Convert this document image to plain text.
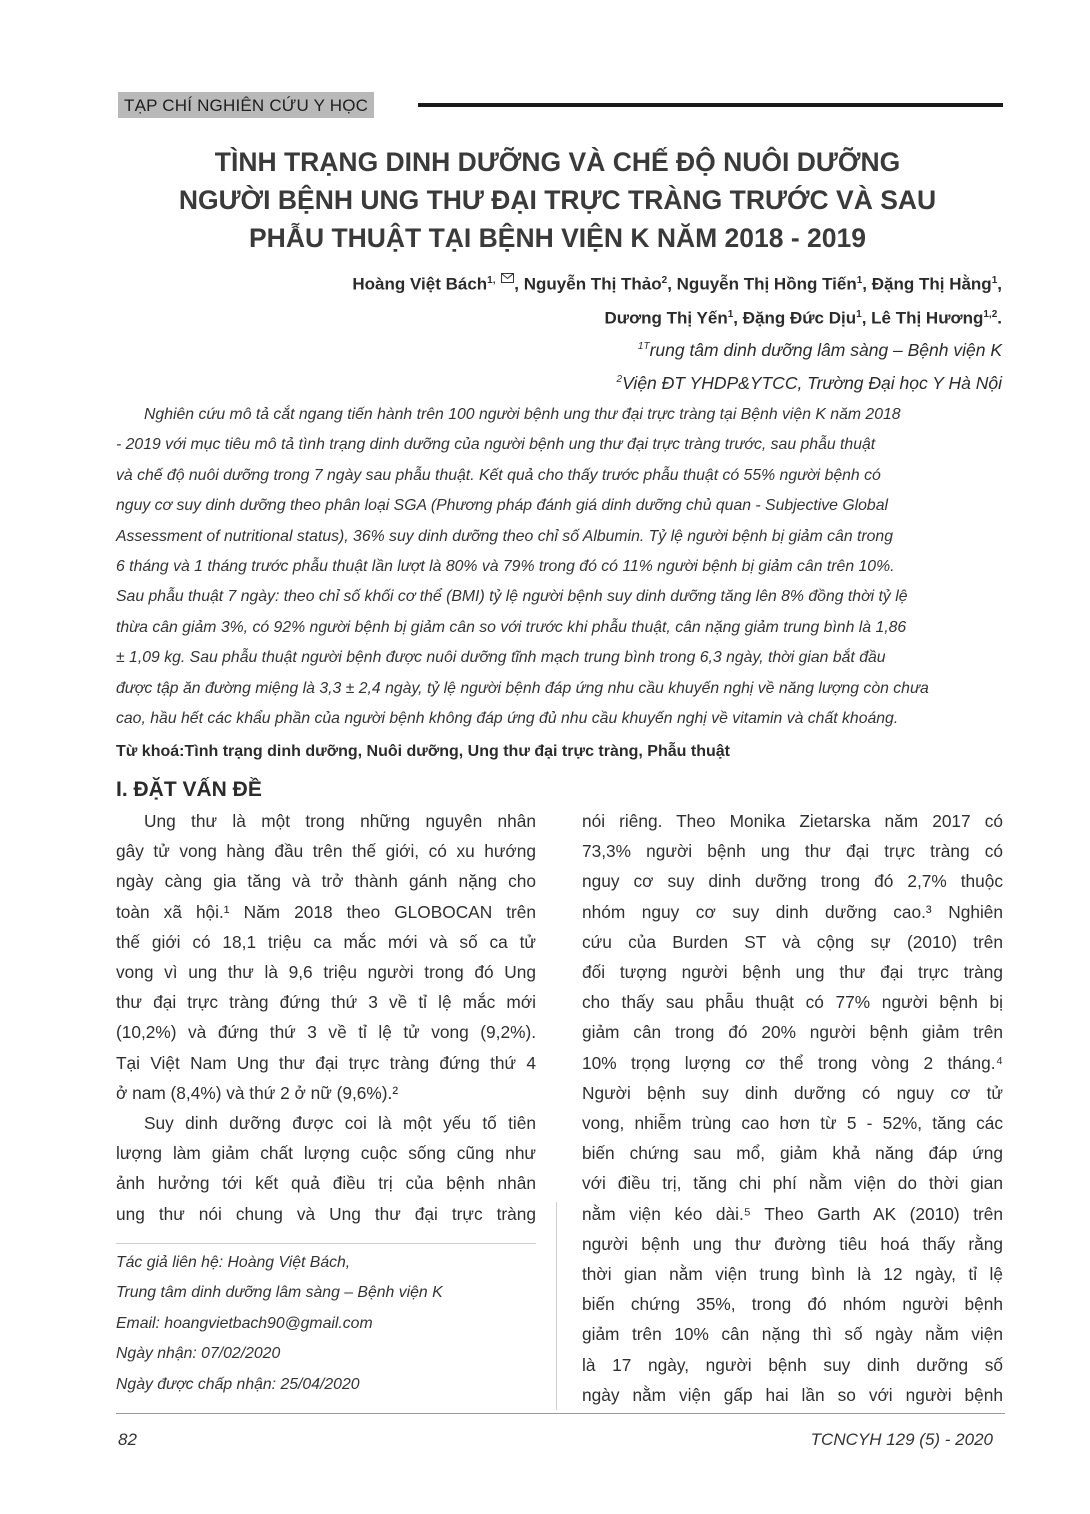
TẠP CHÍ NGHIÊN CỨU Y HỌC
TÌNH TRẠNG DINH DƯỠNG VÀ CHẾ ĐỘ NUÔI DƯỠNG
NGƯỜI BỆNH UNG THƯ ĐẠI TRỰC TRÀNG TRƯỚC VÀ SAU
PHẪU THUẬT TẠI BỆNH VIỆN K NĂM 2018 - 2019
Hoàng Việt Bách$^{1,}$
, Nguyễn Thị Thảo$^2$, Nguyễn Thị Hồng Tiến$^1$, Đặng Thị Hằng$^1$,
Dương Thị Yến$^1$, Đặng Đức Dịu$^1$, Lê Thị Hương$^{1,2}$.
$^{1T}$rung tâm dinh dưỡng lâm sàng – Bệnh viện K
$^2$Viện ĐT YHDP&YTCC, Trường Đại học Y Hà Nội
Nghiên cứu mô tả cắt ngang tiến hành trên 100 người bệnh ung thư đại trực tràng tại Bệnh viện K năm 2018
- 2019 với mục tiêu mô tả tình trạng dinh dưỡng của người bệnh ung thư đại trực tràng trước, sau phẫu thuật
và chế độ nuôi dưỡng trong 7 ngày sau phẫu thuật. Kết quả cho thấy trước phẫu thuật có 55% người bệnh có
nguy cơ suy dinh dưỡng theo phân loại SGA (Phương pháp đánh giá dinh dưỡng chủ quan - Subjective Global
Assessment of nutritional status), 36% suy dinh dưỡng theo chỉ số Albumin. Tỷ lệ người bệnh bị giảm cân trong
6 tháng và 1 tháng trước phẫu thuật lần lượt là 80% và 79% trong đó có 11% người bệnh bị giảm cân trên 10%.
Sau phẫu thuật 7 ngày: theo chỉ số khối cơ thể (BMI) tỷ lệ người bệnh suy dinh dưỡng tăng lên 8% đồng thời tỷ lệ
thừa cân giảm 3%, có 92% người bệnh bị giảm cân so với trước khi phẫu thuật, cân nặng giảm trung bình là 1,86
± 1,09 kg. Sau phẫu thuật người bệnh được nuôi dưỡng tĩnh mạch trung bình trong 6,3 ngày, thời gian bắt đầu
được tập ăn đường miệng là 3,3 ± 2,4 ngày, tỷ lệ người bệnh đáp ứng nhu cầu khuyến nghị về năng lượng còn chưa
cao, hầu hết các khẩu phần của người bệnh không đáp ứng đủ nhu cầu khuyến nghị về vitamin và chất khoáng.
Từ khoá:Tình trạng dinh dưỡng, Nuôi dưỡng, Ung thư đại trực tràng, Phẫu thuật
I. ĐẶT VẤN ĐỀ

Ung thư là một trong những nguyên nhân
gây tử vong hàng đầu trên thế giới, có xu hướng
ngày càng gia tăng và trở thành gánh nặng cho
toàn xã hội.¹ Năm 2018 theo GLOBOCAN trên
thế giới có 18,1 triệu ca mắc mới và số ca tử
vong vì ung thư là 9,6 triệu người trong đó Ung
thư đại trực tràng đứng thứ 3 về tỉ lệ mắc mới
(10,2%) và đứng thứ 3 về tỉ lệ tử vong (9,2%).
Tại Việt Nam Ung thư đại trực tràng đứng thứ 4
ở nam (8,4%) và thứ 2 ở nữ (9,6%).²

Suy dinh dưỡng được coi là một yếu tố tiên
lượng làm giảm chất lượng cuộc sống cũng như
ảnh hưởng tới kết quả điều trị của bệnh nhân
ung thư nói chung và Ung thư đại trực tràng

Tác giả liên hệ: Hoàng Việt Bách,
Trung tâm dinh dưỡng lâm sàng – Bệnh viện K
Email: hoangvietbach90@gmail.com
Ngày nhận: 07/02/2020
Ngày được chấp nhận: 25/04/2020

nói riêng. Theo Monika Zietarska năm 2017 có
73,3% người bệnh ung thư đại trực tràng có
nguy cơ suy dinh dưỡng trong đó 2,7% thuộc
nhóm nguy cơ suy dinh dưỡng cao.³ Nghiên
cứu của Burden ST và cộng sự (2010) trên
đối tượng người bệnh ung thư đại trực tràng
cho thấy sau phẫu thuật có 77% người bệnh bị
giảm cân trong đó 20% người bệnh giảm trên
10% trọng lượng cơ thể trong vòng 2 tháng.⁴
Người bệnh suy dinh dưỡng có nguy cơ tử
vong, nhiễm trùng cao hơn từ 5 - 52%, tăng các
biến chứng sau mổ, giảm khả năng đáp ứng
với điều trị, tăng chi phí nằm viện do thời gian
nằm viện kéo dài.⁵ Theo Garth AK (2010) trên
người bệnh ung thư đường tiêu hoá thấy rằng
thời gian nằm viện trung bình là 12 ngày, tỉ lệ
biến chứng 35%, trong đó nhóm người bệnh
giảm trên 10% cân nặng thì số ngày nằm viện
là 17 ngày, người bệnh suy dinh dưỡng số
ngày nằm viện gấp hai lần so với người bệnh

82	TCNCYH 129 (5) - 2020
